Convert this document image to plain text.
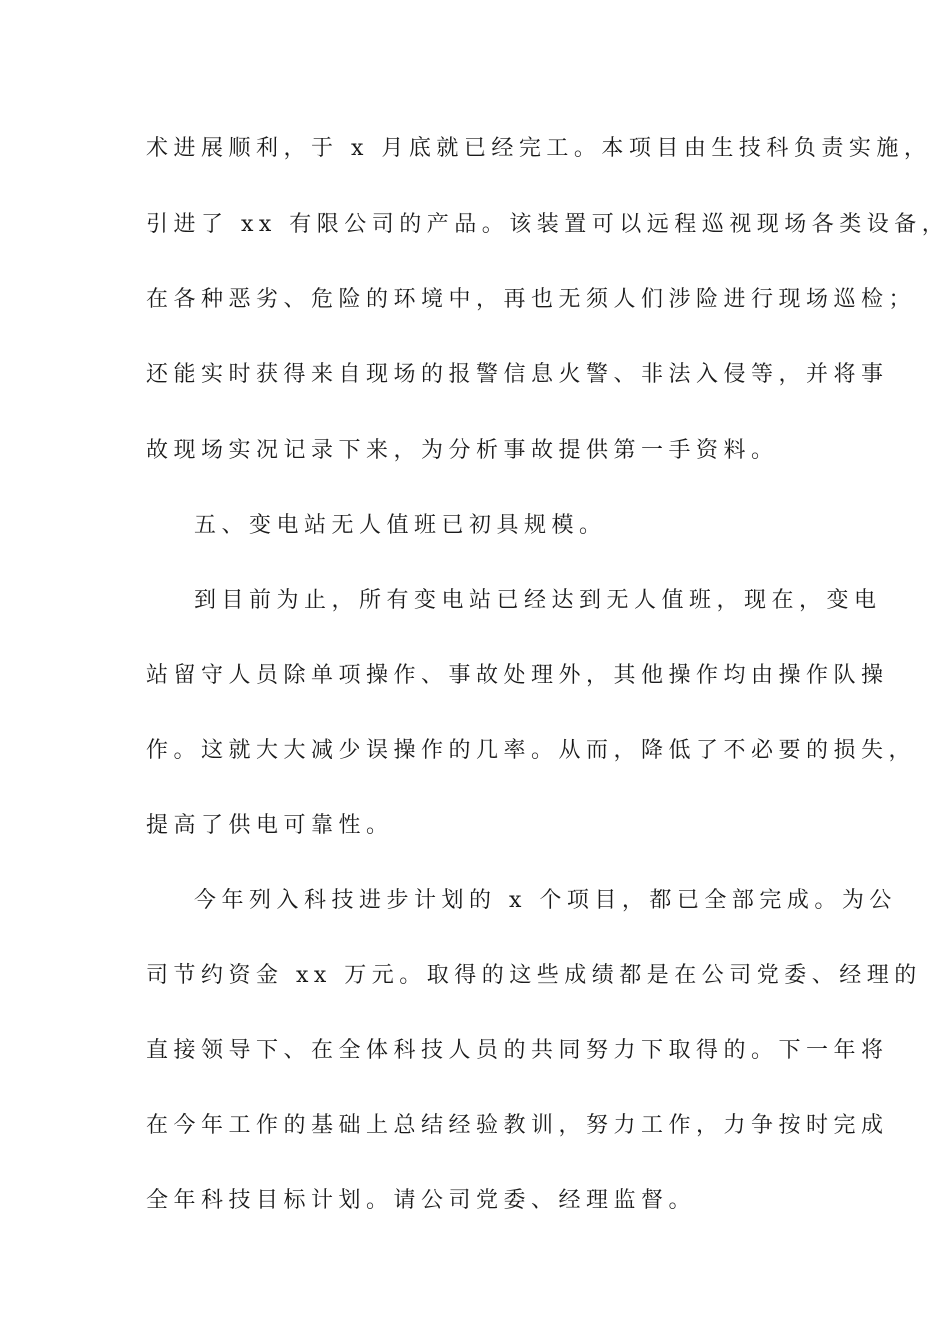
术进展顺利，于 x 月底就已经完工。本项目由生技科负责实施，
引进了 xx 有限公司的产品。该装置可以远程巡视现场各类设备，
在各种恶劣、危险的环境中，再也无须人们涉险进行现场巡检；
还能实时获得来自现场的报警信息火警、非法入侵等，并将事
故现场实况记录下来，为分析事故提供第一手资料。
五、变电站无人值班已初具规模。
到目前为止，所有变电站已经达到无人值班，现在，变电
站留守人员除单项操作、事故处理外，其他操作均由操作队操
作。这就大大减少误操作的几率。从而，降低了不必要的损失，
提高了供电可靠性。
今年列入科技进步计划的 x 个项目，都已全部完成。为公
司节约资金 xx 万元。取得的这些成绩都是在公司党委、经理的
直接领导下、在全体科技人员的共同努力下取得的。下一年将
在今年工作的基础上总结经验教训，努力工作，力争按时完成
全年科技目标计划。请公司党委、经理监督。
